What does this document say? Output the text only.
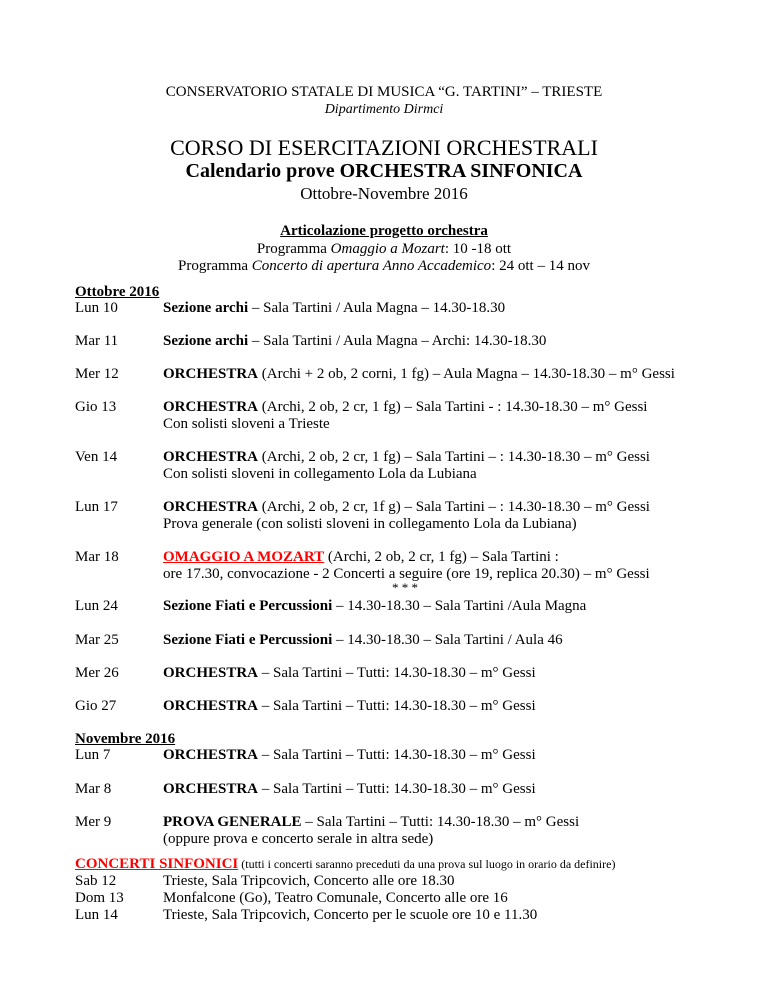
CONSERVATORIO STATALE DI MUSICA “G. TARTINI” – TRIESTE
Dipartimento Dirmci
CORSO DI ESERCITAZIONI ORCHESTRALI
Calendario prove ORCHESTRA SINFONICA
Ottobre-Novembre 2016
Articolazione progetto orchestra
Programma Omaggio a Mozart: 10 -18 ott
Programma Concerto di apertura Anno Accademico: 24 ott – 14 nov
Ottobre 2016
Lun 10	Sezione archi – Sala Tartini / Aula Magna – 14.30-18.30
Mar 11	Sezione archi – Sala Tartini / Aula Magna – Archi: 14.30-18.30
Mer 12	ORCHESTRA (Archi + 2 ob, 2 corni, 1 fg) – Aula Magna – 14.30-18.30 – m° Gessi
Gio 13	ORCHESTRA (Archi, 2 ob, 2 cr, 1 fg) – Sala Tartini - : 14.30-18.30 – m° Gessi
Con solisti sloveni a Trieste
Ven 14	ORCHESTRA (Archi, 2 ob, 2 cr, 1 fg) – Sala Tartini – : 14.30-18.30 – m° Gessi
Con solisti sloveni in collegamento Lola da Lubiana
Lun 17	ORCHESTRA (Archi, 2 ob, 2 cr, 1f g) – Sala Tartini – : 14.30-18.30 – m° Gessi
Prova generale (con solisti sloveni in collegamento Lola da Lubiana)
Mar 18	OMAGGIO A MOZART (Archi, 2 ob, 2 cr, 1 fg) – Sala Tartini :
ore 17.30, convocazione - 2 Concerti a seguire (ore 19, replica 20.30) – m° Gessi
* * *
Lun 24	Sezione Fiati e Percussioni – 14.30-18.30 – Sala Tartini /Aula Magna
Mar 25	Sezione Fiati e Percussioni – 14.30-18.30 – Sala Tartini / Aula 46
Mer 26	ORCHESTRA – Sala Tartini – Tutti: 14.30-18.30 – m° Gessi
Gio 27	ORCHESTRA – Sala Tartini – Tutti: 14.30-18.30 – m° Gessi
Novembre 2016
Lun 7	ORCHESTRA – Sala Tartini – Tutti: 14.30-18.30 – m° Gessi
Mar 8	ORCHESTRA – Sala Tartini – Tutti: 14.30-18.30 – m° Gessi
Mer 9	PROVA GENERALE – Sala Tartini – Tutti: 14.30-18.30 – m° Gessi
(oppure prova e concerto serale in altra sede)
CONCERTI SINFONICI (tutti i concerti saranno preceduti da una prova sul luogo in orario da definire)
Sab 12	Trieste, Sala Tripcovich, Concerto alle ore 18.30
Dom 13	Monfalcone (Go), Teatro Comunale, Concerto alle ore 16
Lun 14	Trieste, Sala Tripcovich, Concerto per le scuole ore 10 e 11.30
